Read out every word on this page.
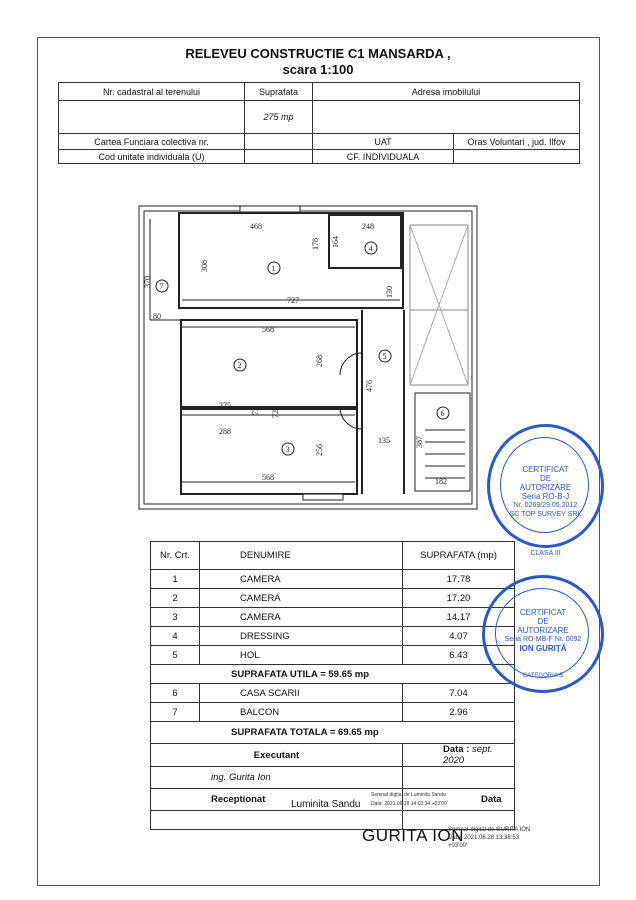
RELEVEU CONSTRUCTIE C1 MANSARDA ,
scara 1:100
Nr. cadastral al terenului	Suprafata	Adresa imobilului	
	275 mp		
Cartea Funciara colectiva nr.		UAT	Oras Voluntari , jud. Ilfov
Cod unitate individuala (U)		CF. INDIVIDUALA	
468	248
178 164
308
370
130
727
80
568
268
476
275
72 72
288
256
135	387
568	182
1
2
3
4
5
6
7
Nr. Crt.	DENUMIRE	SUPRAFATA (mp)
1	CAMERA	17.78
2	CAMERA	17.20
3	CAMERA	14.17
4	DRESSING	4.07
5	HOL	6.43
SUPRAFATA UTILA = 59.65 mp		
6	CASA SCARII	7.04
7	BALCON	2.96
SUPRAFATA TOTALA = 69.65 mp		
Executant		Data : sept. 2020
ing. Gurita Ion		
Receptionat Luminita Sandu
Semnat digital de Luminita Sandu
Data: 2021.06.28 14:03:34 +03'00'		Data

GURITA ION
Semnat digital de GURITA ION
Data: 2021.06.28 13:38:53
+03'00'
CERTIFICAT
DE
AUTORIZARE
Seria RO-B-J
Nr. 0269/29.05.2012
SC TOP SURVEY SRL
CLASA III
CERTIFICAT
DE
AUTORIZARE
Seria RO-MB-F Nr. 0092
ION GURIȚĂ
CATEGORIA B
